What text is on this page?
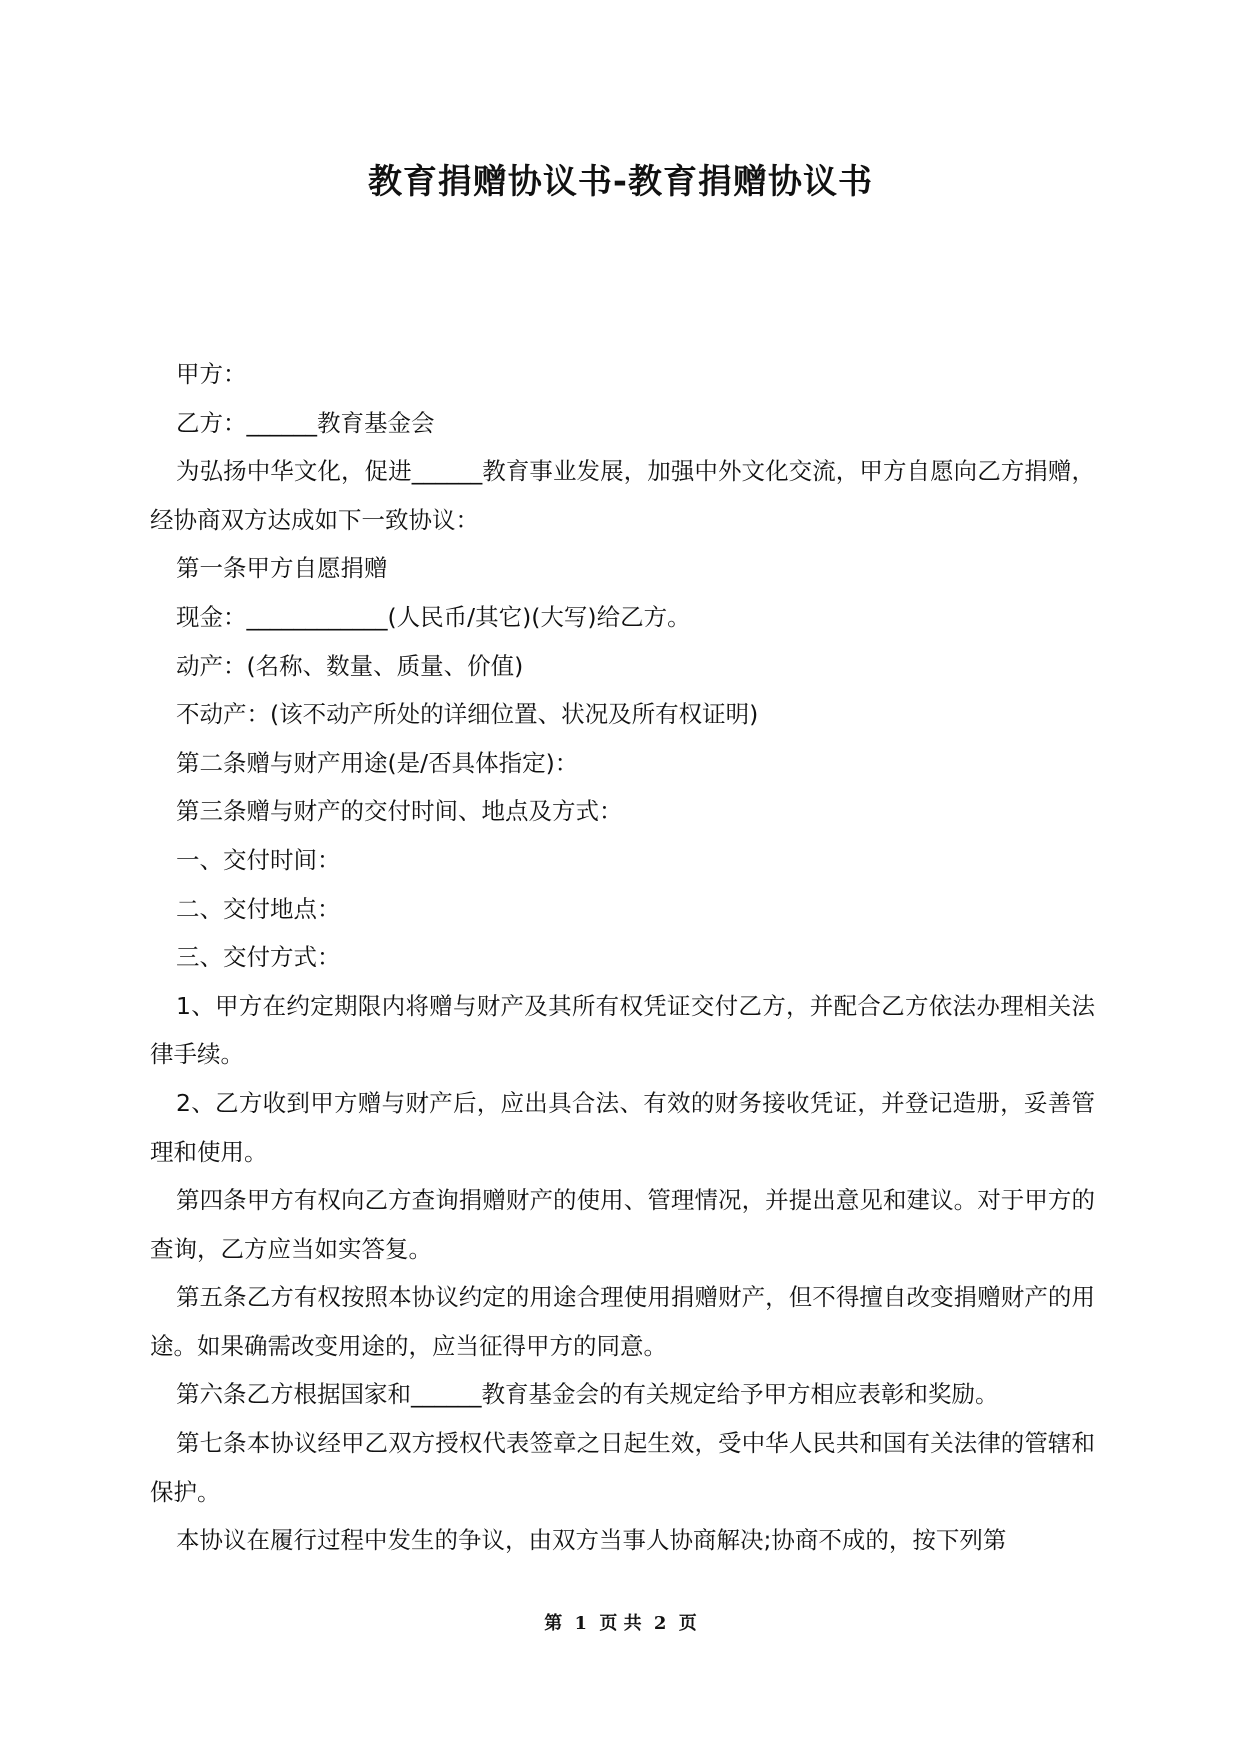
教育捐赠协议书-教育捐赠协议书

甲方：

乙方：______教育基金会

为弘扬中华文化，促进______教育事业发展，加强中外文化交流，甲方自愿向乙方捐赠，经协商双方达成如下一致协议：

第一条甲方自愿捐赠

现金：____________(人民币/其它)(大写)给乙方。

动产：(名称、数量、质量、价值)

不动产：(该不动产所处的详细位置、状况及所有权证明)

第二条赠与财产用途(是/否具体指定)：

第三条赠与财产的交付时间、地点及方式：

一、交付时间：

二、交付地点：

三、交付方式：

1、甲方在约定期限内将赠与财产及其所有权凭证交付乙方，并配合乙方依法办理相关法律手续。

2、乙方收到甲方赠与财产后，应出具合法、有效的财务接收凭证，并登记造册，妥善管理和使用。

第四条甲方有权向乙方查询捐赠财产的使用、管理情况，并提出意见和建议。对于甲方的查询，乙方应当如实答复。

第五条乙方有权按照本协议约定的用途合理使用捐赠财产，但不得擅自改变捐赠财产的用途。如果确需改变用途的，应当征得甲方的同意。

第六条乙方根据国家和______教育基金会的有关规定给予甲方相应表彰和奖励。

第七条本协议经甲乙双方授权代表签章之日起生效，受中华人民共和国有关法律的管辖和保护。

本协议在履行过程中发生的争议，由双方当事人协商解决;协商不成的，按下列第

第 1 页 共 2 页
